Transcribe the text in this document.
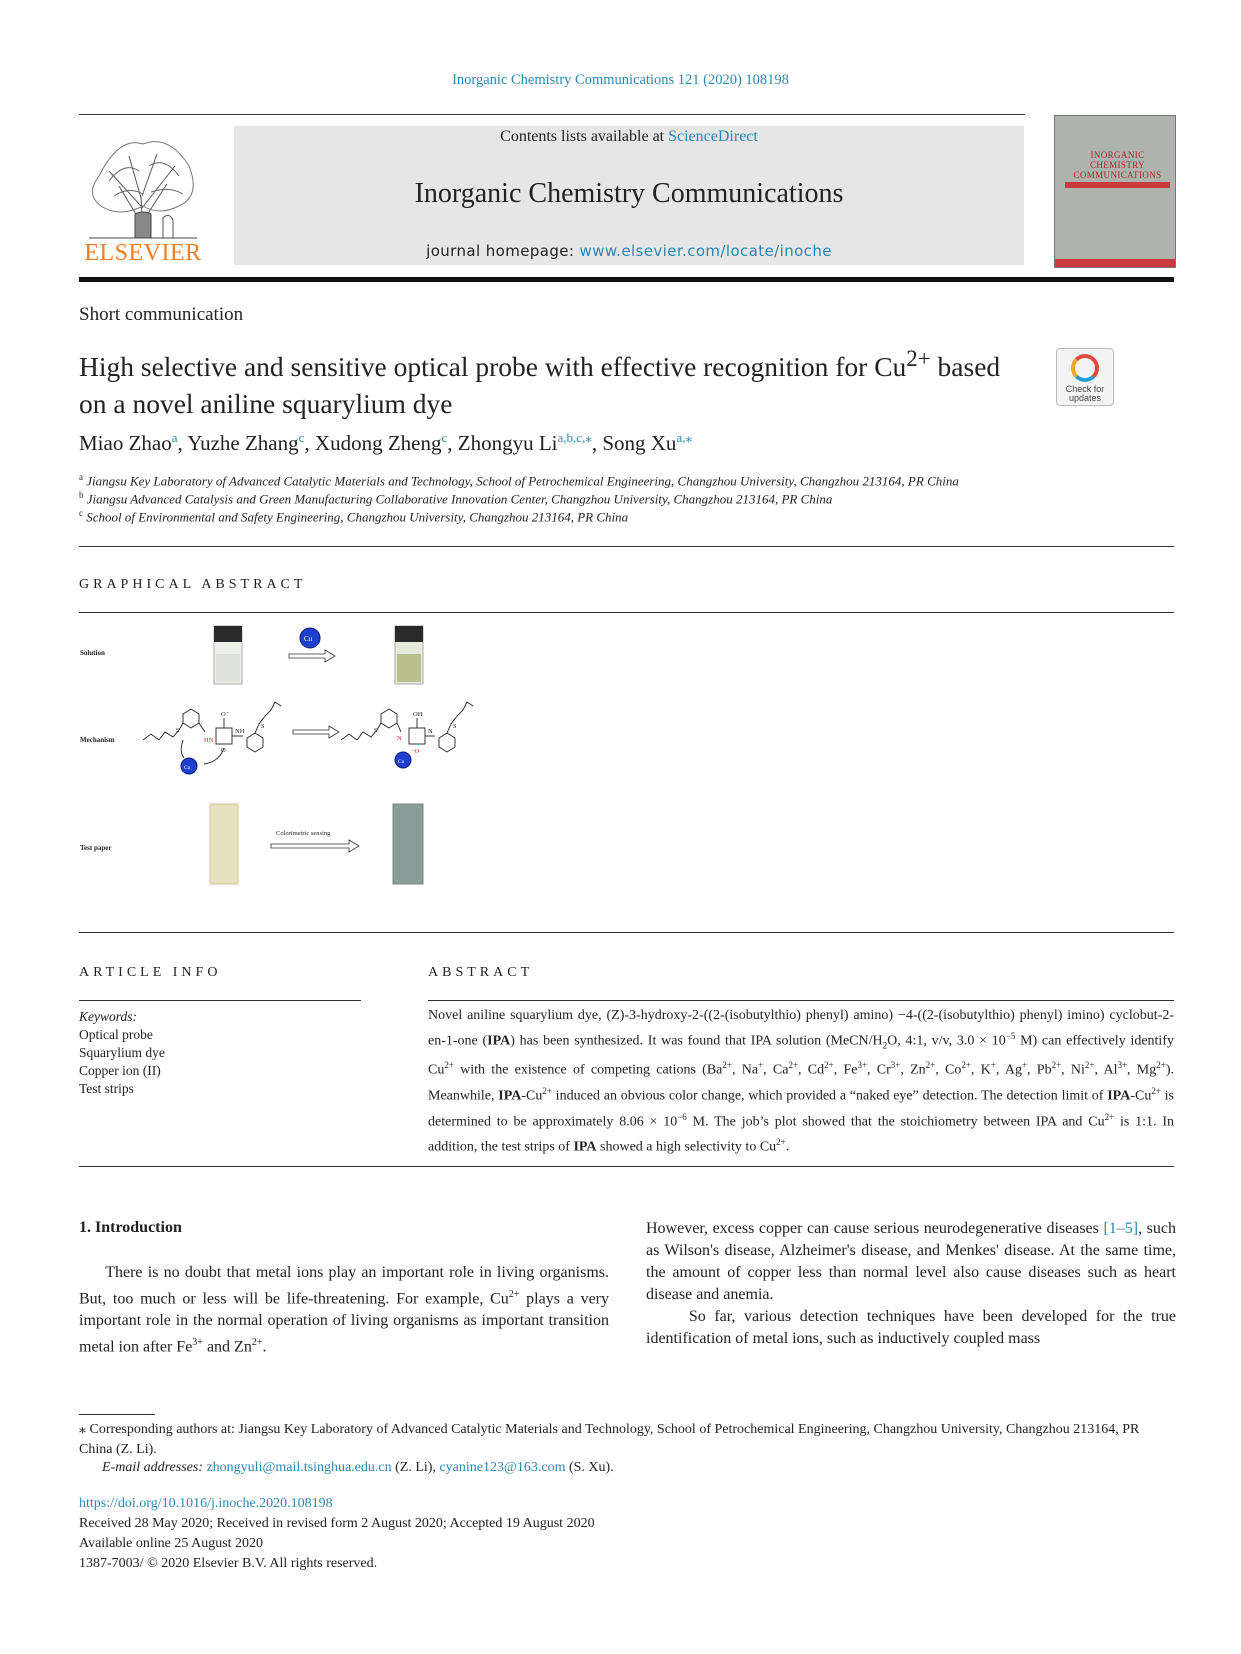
Inorganic Chemistry Communications 121 (2020) 108198
ELSEVIER
Contents lists available at ScienceDirect
Inorganic Chemistry Communications
journal homepage: www.elsevier.com/locate/inoche
INORGANIC CHEMISTRY COMMUNICATIONS
Short communication
High selective and sensitive optical probe with effective recognition for $Cu^{2+}$ based on a novel aniline squarylium dye	Check for updates
Miao Zhao$^a$, Yuzhe Zhang$^c$, Xudong Zheng$^c$, Zhongyu $Li^{a,b,c,⁎}$, Song $Xu^{a,⁎}$
$^a$ Jiangsu Key Laboratory of Advanced Catalytic Materials and Technology, School of Petrochemical Engineering, Changzhou University, Changzhou 213164, PR China
$^b$ Jiangsu Advanced Catalysis and Green Manufacturing Collaborative Innovation Center, Changzhou University, Changzhou 213164, PR China
$^c$ School of Environmental and Safety Engineering, Changzhou University, Changzhou 213164, PR China
GRAPHICAL ABSTRACT
Solution
Mechanism
Test paper
Cu
HN
O⁻
O
NH
S
S
Cu
N
OH
−O
N
S
S
Cu
Colorimetric sensing
ARTICLE INFO	ABSTRACT
Keywords:
Optical probe
Squarylium dye
Copper ion (II)
Test strips
Novel aniline squarylium dye, (Z)-3-hydroxy-2-((2-(isobutylthio) phenyl) amino) −4-((2-(isobutylthio) phenyl) imino) cyclobut-2-en-1-one (IPA) has been synthesized. It was found that IPA solution ($MeCN/H_2O$, 4:1, v/v, $3.0 \times 10^{-5}$ M) can effectively identify $Cu^{2+}$ with the existence of competing cations ($Ba^{2+}$, Na+, $Ca^{2+}$, $Cd^{2+}$, $Fe^{3+}$, $Cr^{3+}$, $Zn^{2+}$, $Co^{2+}$, K+, Ag+, $Pb^{2+}$, $Ni^{2+}$, $Al^{3+}$, $Mg^{2+}$). Meanwhile, IPA-$Cu^{2+}$ induced an obvious color change, which provided a “naked eye” detection. The detection limit of IPA-$Cu^{2+}$ is determined to be approximately $8.06 \times 10^{-6}$ M. The job’s plot showed that the stoichiometry between IPA and $Cu^{2+}$ is 1:1. In addition, the test strips of IPA showed a high selectivity to $Cu^{2+}$.
1. Introduction
There is no doubt that metal ions play an important role in living organisms. But, too much or less will be life-threatening. For example, $Cu^{2+}$ plays a very important role in the normal operation of living organisms as important transition metal ion after $Fe^{3+}$ and $Zn^{2+}$.
However, excess copper can cause serious neurodegenerative diseases [1–5], such as Wilson's disease, Alzheimer's disease, and Menkes' disease. At the same time, the amount of copper less than normal level also cause diseases such as heart disease and anemia.
So far, various detection techniques have been developed for the true identification of metal ions, such as inductively coupled mass
⁎ Corresponding authors at: Jiangsu Key Laboratory of Advanced Catalytic Materials and Technology, School of Petrochemical Engineering, Changzhou University, Changzhou 213164, PR China (Z. Li).
E-mail addresses: zhongyuli@mail.tsinghua.edu.cn (Z. Li), cyanine123@163.com (S. Xu).
https://doi.org/10.1016/j.inoche.2020.108198
Received 28 May 2020; Received in revised form 2 August 2020; Accepted 19 August 2020
Available online 25 August 2020
1387-7003/ © 2020 Elsevier B.V. All rights reserved.
